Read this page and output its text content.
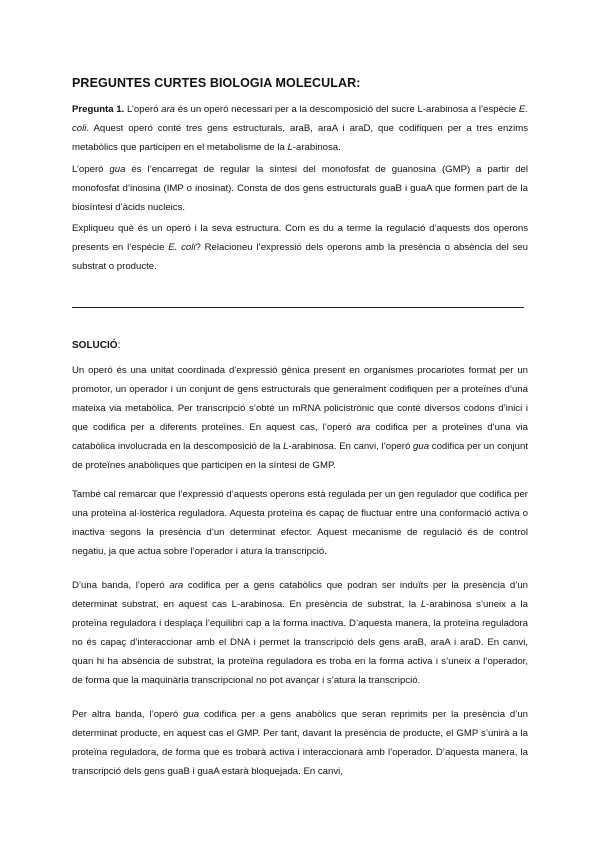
PREGUNTES CURTES BIOLOGIA MOLECULAR:

Pregunta 1. L’operó ara és un operó necessari per a la descomposició del sucre L-arabinosa a l’espècie E. coli. Aquest operó conté tres gens estructurals, araB, araA i araD, que codifiquen per a tres enzims metabòlics que participen en el metabolisme de la L-arabinosa.

L’operó gua és l’encarregat de regular la síntesi del monofosfat de guanosina (GMP) a partir del monofosfat d’inosina (IMP o inosinat). Consta de dos gens estructurals guaB i guaA que formen part de la biosíntesi d’àcids nucleics.

Expliqueu què és un operó i la seva estructura. Com es du a terme la regulació d’aquests dos operons presents en l’espècie E. coli? Relacioneu l’expressió dels operons amb la presència o absència del seu substrat o producte.

SOLUCIÓ:

Un operó és una unitat coordinada d’expressió gènica present en organismes procariotes format per un promotor, un operador i un conjunt de gens estructurals que generalment codifiquen per a proteïnes d’una mateixa via metabòlica. Per transcripció s’obté un mRNA policistrònic que conté diversos codons d’inici i que codifica per a diferents proteïnes. En aquest cas, l’operó ara codifica per a proteïnes d’una via catabòlica involucrada en la descomposició de la L-arabinosa. En canvi, l’operó gua codifica per un conjunt de proteïnes anabòliques que participen en la síntesi de GMP.

També cal remarcar que l’expressió d’aquests operons està regulada per un gen regulador que codifica per una proteïna al·lostèrica reguladora. Aquesta proteïna és capaç de fluctuar entre una conformació activa o inactiva segons la presència d’un determinat efector. Aquest mecanisme de regulació és de control negatiu, ja que actua sobre l’operador i atura la transcripció.

D’una banda, l’operó ara codifica per a gens catabòlics que podran ser induïts per la presència d’un determinat substrat, en aquest cas L-arabinosa. En presència de substrat, la L-arabinosa s’uneix a la proteïna reguladora i desplaça l’equilibri cap a la forma inactiva. D’aquesta manera, la proteïna reguladora no és capaç d’interaccionar amb el DNA i permet la transcripció dels gens araB, araA i araD. En canvi, quan hi ha absència de substrat, la proteïna reguladora es troba en la forma activa i s’uneix a l’operador, de forma que la maquinària transcripcional no pot avançar i s’atura la transcripció.

Per altra banda, l’operó gua codifica per a gens anabòlics que seran reprimits per la presència d’un determinat producte, en aquest cas el GMP. Per tant, davant la presència de producte, el GMP s’unirà a la proteïna reguladora, de forma que es trobarà activa i interaccionarà amb l’operador. D’aquesta manera, la transcripció dels gens guaB i guaA estarà bloquejada. En canvi,
